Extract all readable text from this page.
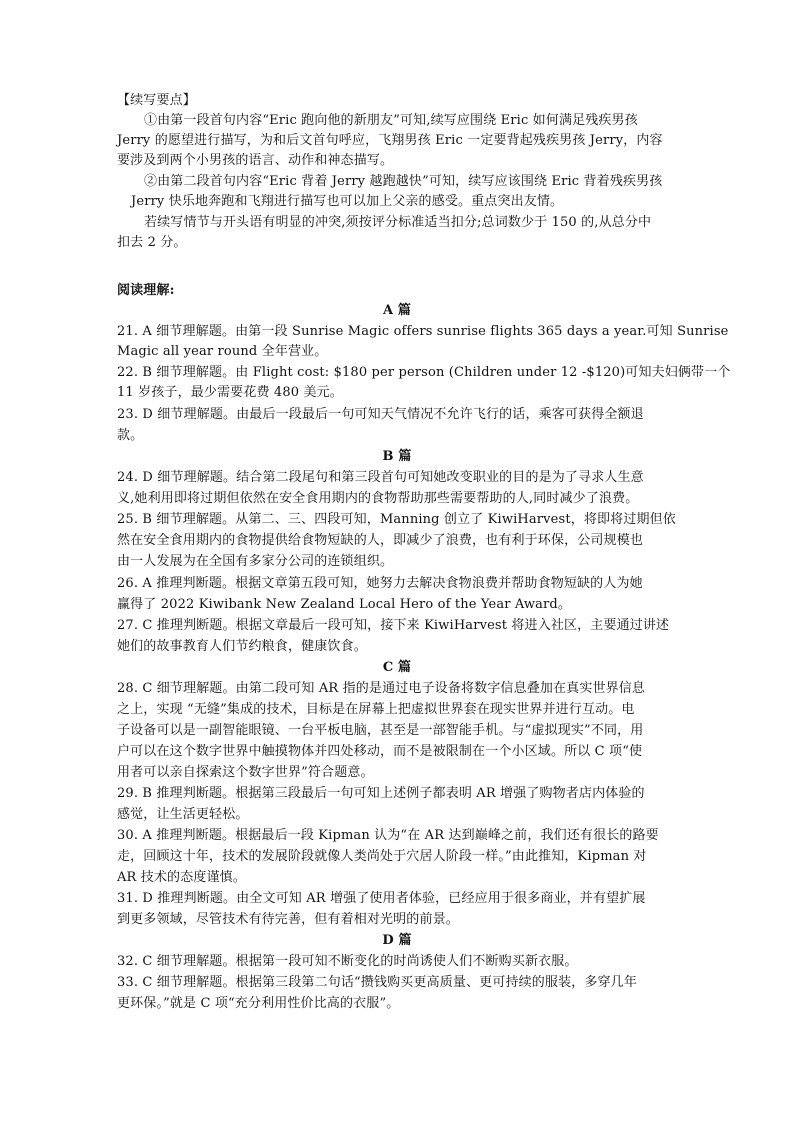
【续写要点】
①由第一段首句内容“Eric 跑向他的新朋友”可知,续写应围绕 Eric 如何满足残疾男孩
Jerry 的愿望进行描写，为和后文首句呼应，飞翔男孩 Eric 一定要背起残疾男孩 Jerry，内容
要涉及到两个小男孩的语言、动作和神态描写。
②由第二段首句内容“Eric 背着 Jerry 越跑越快”可知，续写应该围绕 Eric 背着残疾男孩
Jerry 快乐地奔跑和飞翔进行描写也可以加上父亲的感受。重点突出友情。
若续写情节与开头语有明显的冲突,须按评分标准适当扣分;总词数少于 150 的,从总分中
扣去 2 分。
阅读理解:
A 篇
21. A 细节理解题。由第一段 Sunrise Magic offers sunrise flights 365 days a year.可知 Sunrise
Magic all year round 全年营业。
22. B 细节理解题。由 Flight cost: $180 per person (Children under 12 -$120)可知夫妇俩带一个
11 岁孩子，最少需要花费 480 美元。
23. D 细节理解题。由最后一段最后一句可知天气情况不允许飞行的话，乘客可获得全额退
款。
B 篇
24. D 细节理解题。结合第二段尾句和第三段首句可知她改变职业的目的是为了寻求人生意
义,她利用即将过期但依然在安全食用期内的食物帮助那些需要帮助的人,同时减少了浪费。
25. B 细节理解题。从第二、三、四段可知，Manning 创立了 KiwiHarvest，将即将过期但依
然在安全食用期内的食物提供给食物短缺的人，即减少了浪费，也有利于环保，公司规模也
由一人发展为在全国有多家分公司的连锁组织。
26. A 推理判断题。根据文章第五段可知，她努力去解决食物浪费并帮助食物短缺的人为她
赢得了 2022 Kiwibank New Zealand Local Hero of the Year Award。
27. C 推理判断题。根据文章最后一段可知，接下来 KiwiHarvest 将进入社区，主要通过讲述
她们的故事教育人们节约粮食，健康饮食。
C 篇
28. C 细节理解题。由第二段可知 AR 指的是通过电子设备将数字信息叠加在真实世界信息
之上，实现 “无缝”集成的技术，目标是在屏幕上把虚拟世界套在现实世界并进行互动。电
子设备可以是一副智能眼镜、一台平板电脑，甚至是一部智能手机。与“虚拟现实”不同，用
户可以在这个数字世界中触摸物体并四处移动，而不是被限制在一个小区域。所以 C 项“使
用者可以亲自探索这个数字世界”符合题意。
29. B 推理判断题。根据第三段最后一句可知上述例子都表明 AR 增强了购物者店内体验的
感觉，让生活更轻松。
30. A 推理判断题。根据最后一段 Kipman 认为“在 AR 达到巅峰之前，我们还有很长的路要
走，回顾这十年，技术的发展阶段就像人类尚处于穴居人阶段一样。”由此推知，Kipman 对
AR 技术的态度谨慎。
31. D 推理判断题。由全文可知 AR 增强了使用者体验，已经应用于很多商业，并有望扩展
到更多领域，尽管技术有待完善，但有着相对光明的前景。
D 篇
32. C 细节理解题。根据第一段可知不断变化的时尚诱使人们不断购买新衣服。
33. C 细节理解题。根据第三段第二句话“攒钱购买更高质量、更可持续的服装，多穿几年
更环保。”就是 C 项“充分利用性价比高的衣服”。
